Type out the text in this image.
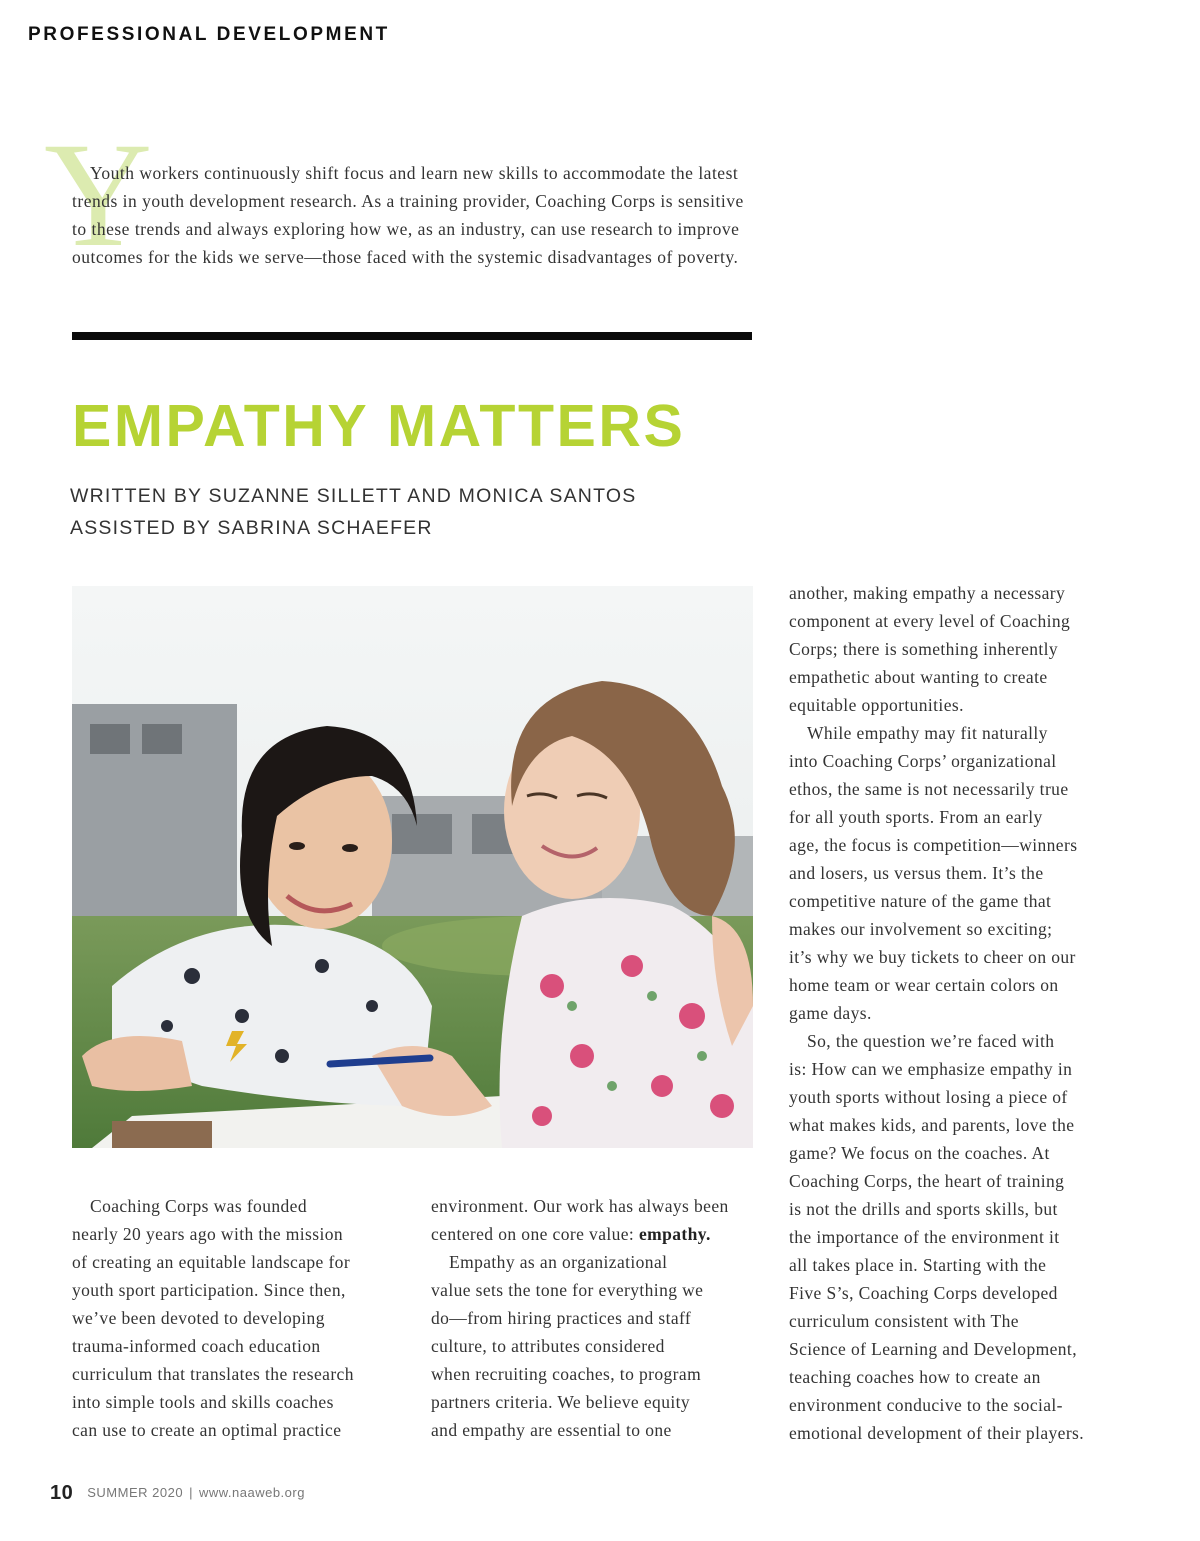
PROFESSIONAL DEVELOPMENT
Y

Youth workers continuously shift focus and learn new skills to accommodate the latest trends in youth development research. As a training provider, Coaching Corps is sensitive to these trends and always exploring how we, as an industry, can use research to improve outcomes for the kids we serve—those faced with the systemic disadvantages of poverty.

EMPATHY MATTERS
WRITTEN BY SUZANNE SILLETT AND MONICA SANTOS
ASSISTED BY SABRINA SCHAEFER

Coaching Corps was founded

nearly 20 years ago with the mission

of creating an equitable landscape for

youth sport participation. Since then,

we’ve been devoted to developing

trauma-informed coach education

curriculum that translates the research

into simple tools and skills coaches

can use to create an optimal practice

environment. Our work has always been

centered on one core value: empathy.

Empathy as an organizational

value sets the tone for everything we

do—from hiring practices and staff

culture, to attributes considered

when recruiting coaches, to program

partners criteria. We believe equity

and empathy are essential to one

another, making empathy a necessary

component at every level of Coaching

Corps; there is something inherently

empathetic about wanting to create

equitable opportunities.

While empathy may fit naturally

into Coaching Corps’ organizational

ethos, the same is not necessarily true

for all youth sports. From an early

age, the focus is competition—winners

and losers, us versus them. It’s the

competitive nature of the game that

makes our involvement so exciting;

it’s why we buy tickets to cheer on our

home team or wear certain colors on

game days.

So, the question we’re faced with

is: How can we emphasize empathy in

youth sports without losing a piece of

what makes kids, and parents, love the

game? We focus on the coaches. At

Coaching Corps, the heart of training

is not the drills and sports skills, but

the importance of the environment it

all takes place in. Starting with the

Five S’s, Coaching Corps developed

curriculum consistent with The

Science of Learning and Development,

teaching coaches how to create an

environment conducive to the social-

emotional development of their players.

10 SUMMER 2020 | www.naaweb.org
